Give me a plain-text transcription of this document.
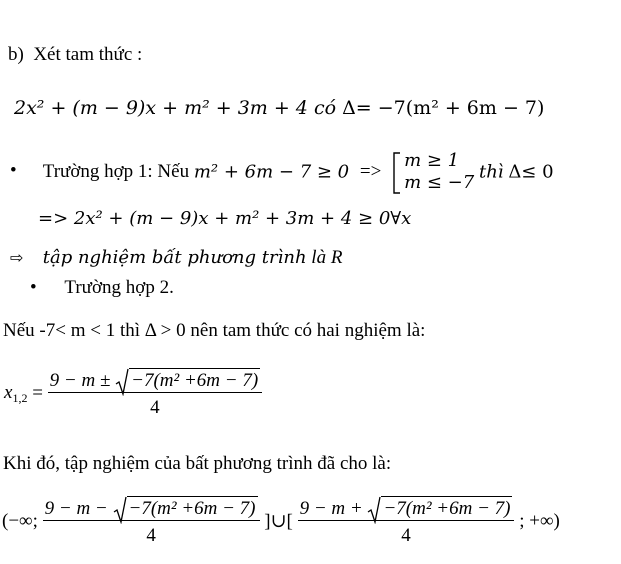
b) Xét tam thức :
2x² + (m − 9)x + m² + 3m + 4 có Δ= −7(m² + 6m − 7)
• Trường hợp 1: Nếu m² + 6m − 7 ≥ 0 =>
m ≥ 1
m ≤ −7 thì Δ≤ 0
=> 2x² + (m − 9)x + m² + 3m + 4 ≥ 0∀x
⇨ tập nghiệm bất phương trình là R
• Trường hợp 2.
Nếu -7< m < 1 thì Δ > 0 nên tam thức có hai nghiệm là:
$x_{1,2} = \frac{\text{9 − m ± −7(m² +6m − 7)}}{4}$
Khi đó, tập nghiệm của bất phương trình đã cho là:
(−∞; $\frac{\text{9 − m − −7(m² +6m − 7)}}{4}$ ]∪[ $\frac{\text{9 − m + −7(m² +6m − 7)}}{4}$ ; +∞)
